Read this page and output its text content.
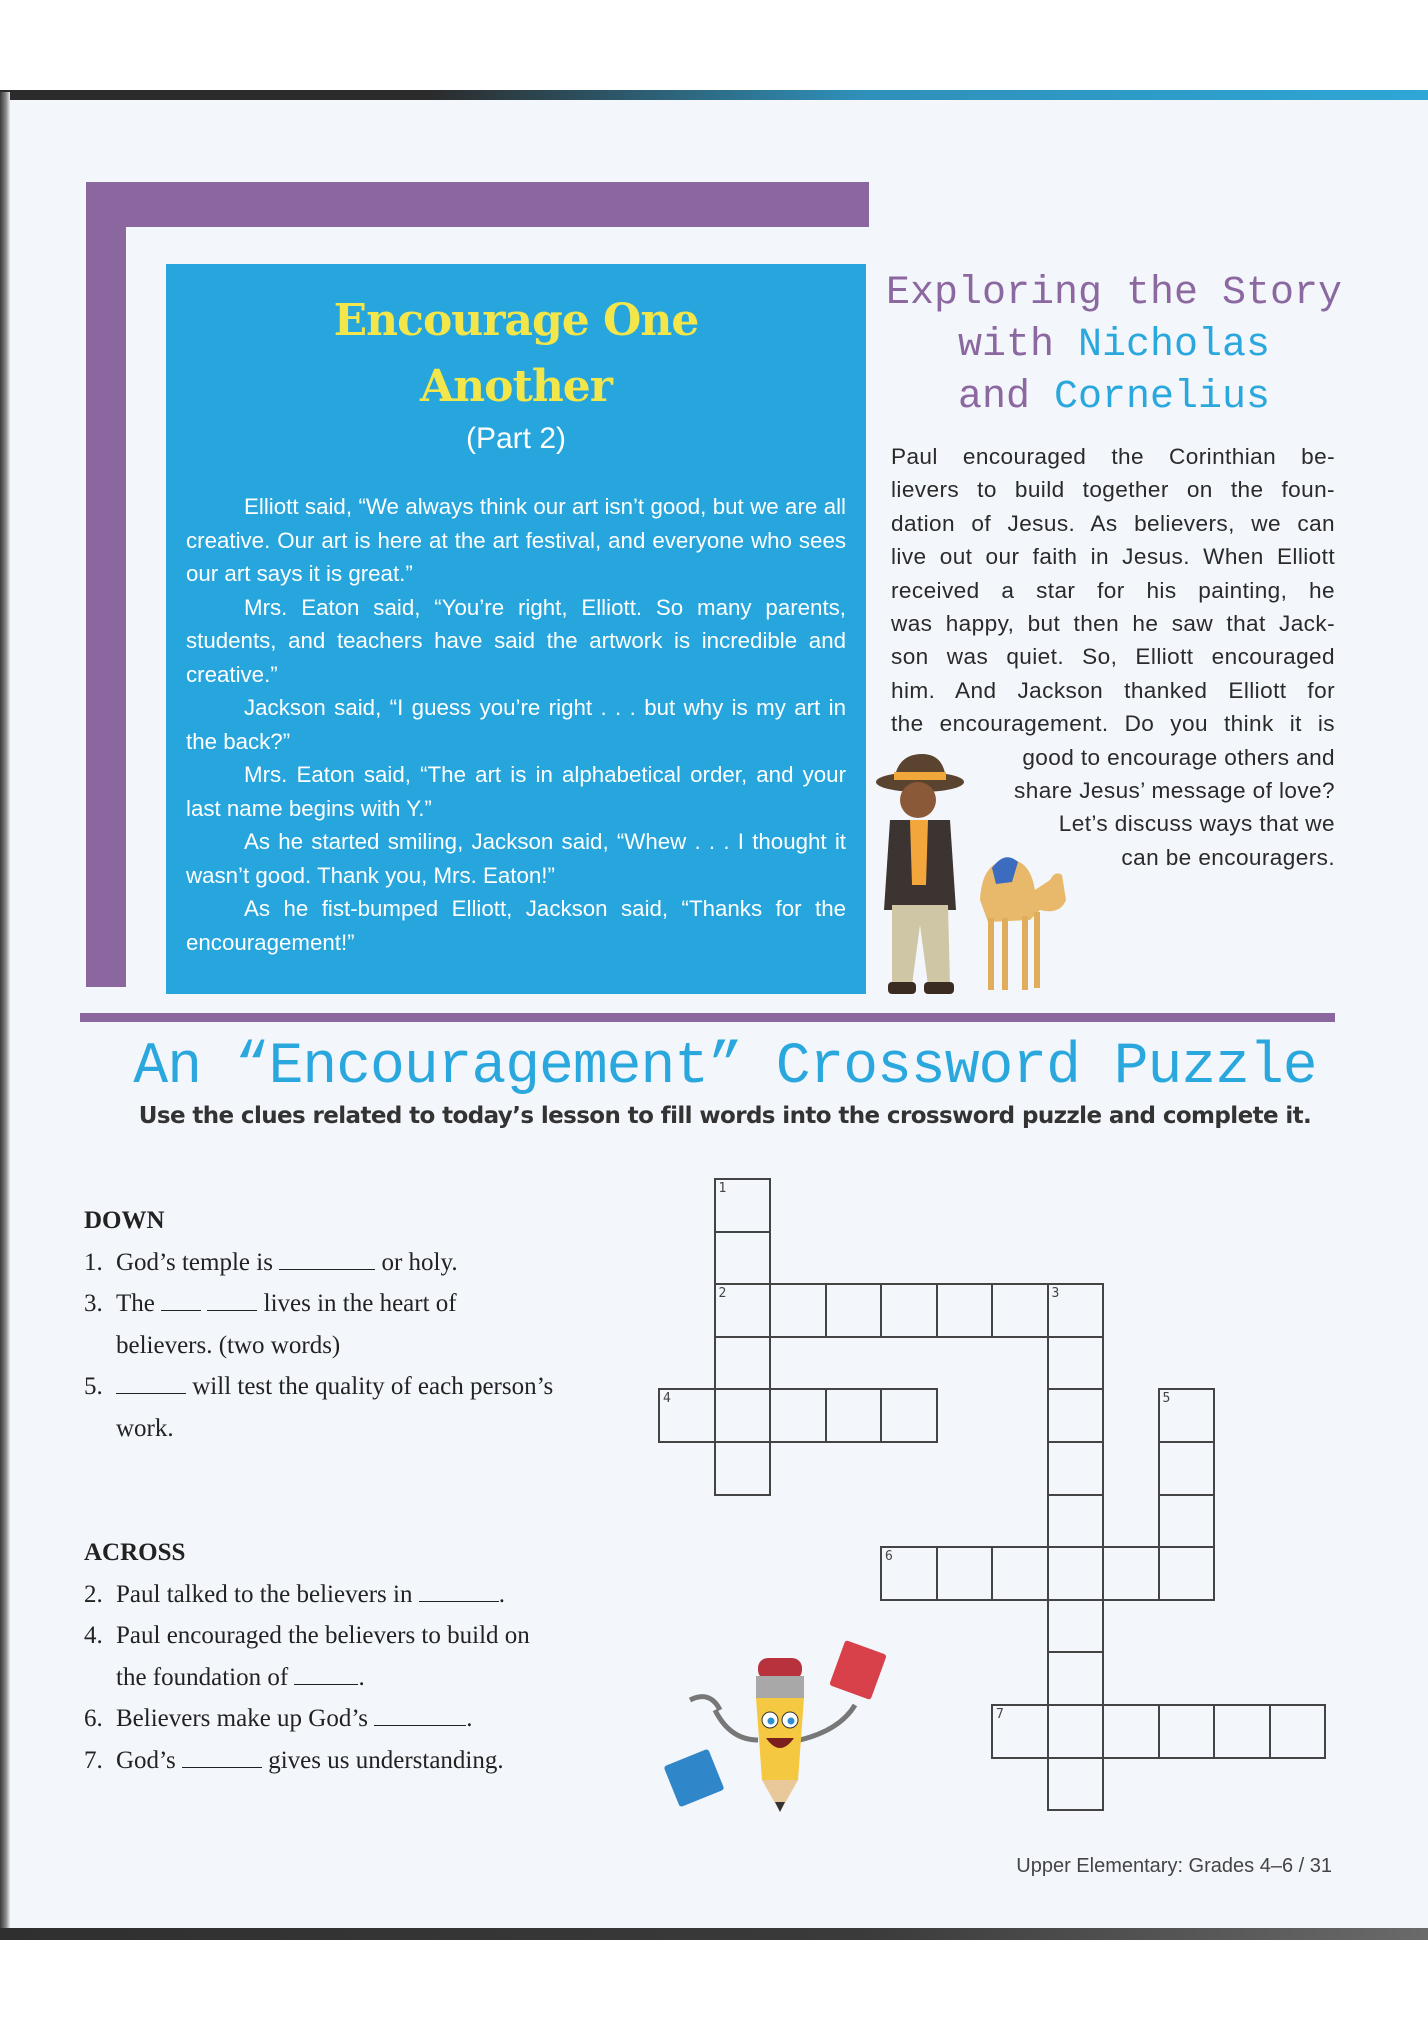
Encourage One
Another
(Part 2)

Elliott said, “We always think our art isn’t good, but we are all creative. Our art is here at the art festival, and everyone who sees our art says it is great.”

Mrs. Eaton said, “You’re right, Elliott. So many parents, students, and teachers have said the artwork is incredible and creative.”

Jackson said, “I guess you’re right . . . but why is my art in the back?”

Mrs. Eaton said, “The art is in alphabetical order, and your last name begins with Y.”

As he started smiling, Jackson said, “Whew . . . I thought it wasn’t good. Thank you, Mrs. Eaton!”

As he fist-bumped Elliott, Jackson said, “Thanks for the encouragement!”

Exploring the Story
with Nicholas
and Cornelius
Paul encouraged the Corinthian be-
lievers to build together on the foun-
dation of Jesus. As believers, we can
live out our faith in Jesus. When Elliott
received a star for his painting, he
was happy, but then he saw that Jack-
son was quiet. So, Elliott encouraged
him. And Jackson thanked Elliott for
the encouragement. Do you think it is
good to encourage others and
share Jesus’ message of love?
Let’s discuss ways that we
can be encouragers.
An “Encouragement” Crossword Puzzle
Use the clues related to today’s lesson to fill words into the crossword puzzle and complete it.
DOWN
1. God’s temple is	or holy.
3. The	lives in the heart of
believers. (two words)
5.	will test the quality of each person’s
work.
ACROSS
2. Paul talked to the believers in	.
4. Paul encouraged the believers to build on
the foundation of	.
6. Believers make up God’s	.
7. God’s	gives us understanding.
1
2	3
4	5
6
7
Upper Elementary: Grades 4–6 / 31
